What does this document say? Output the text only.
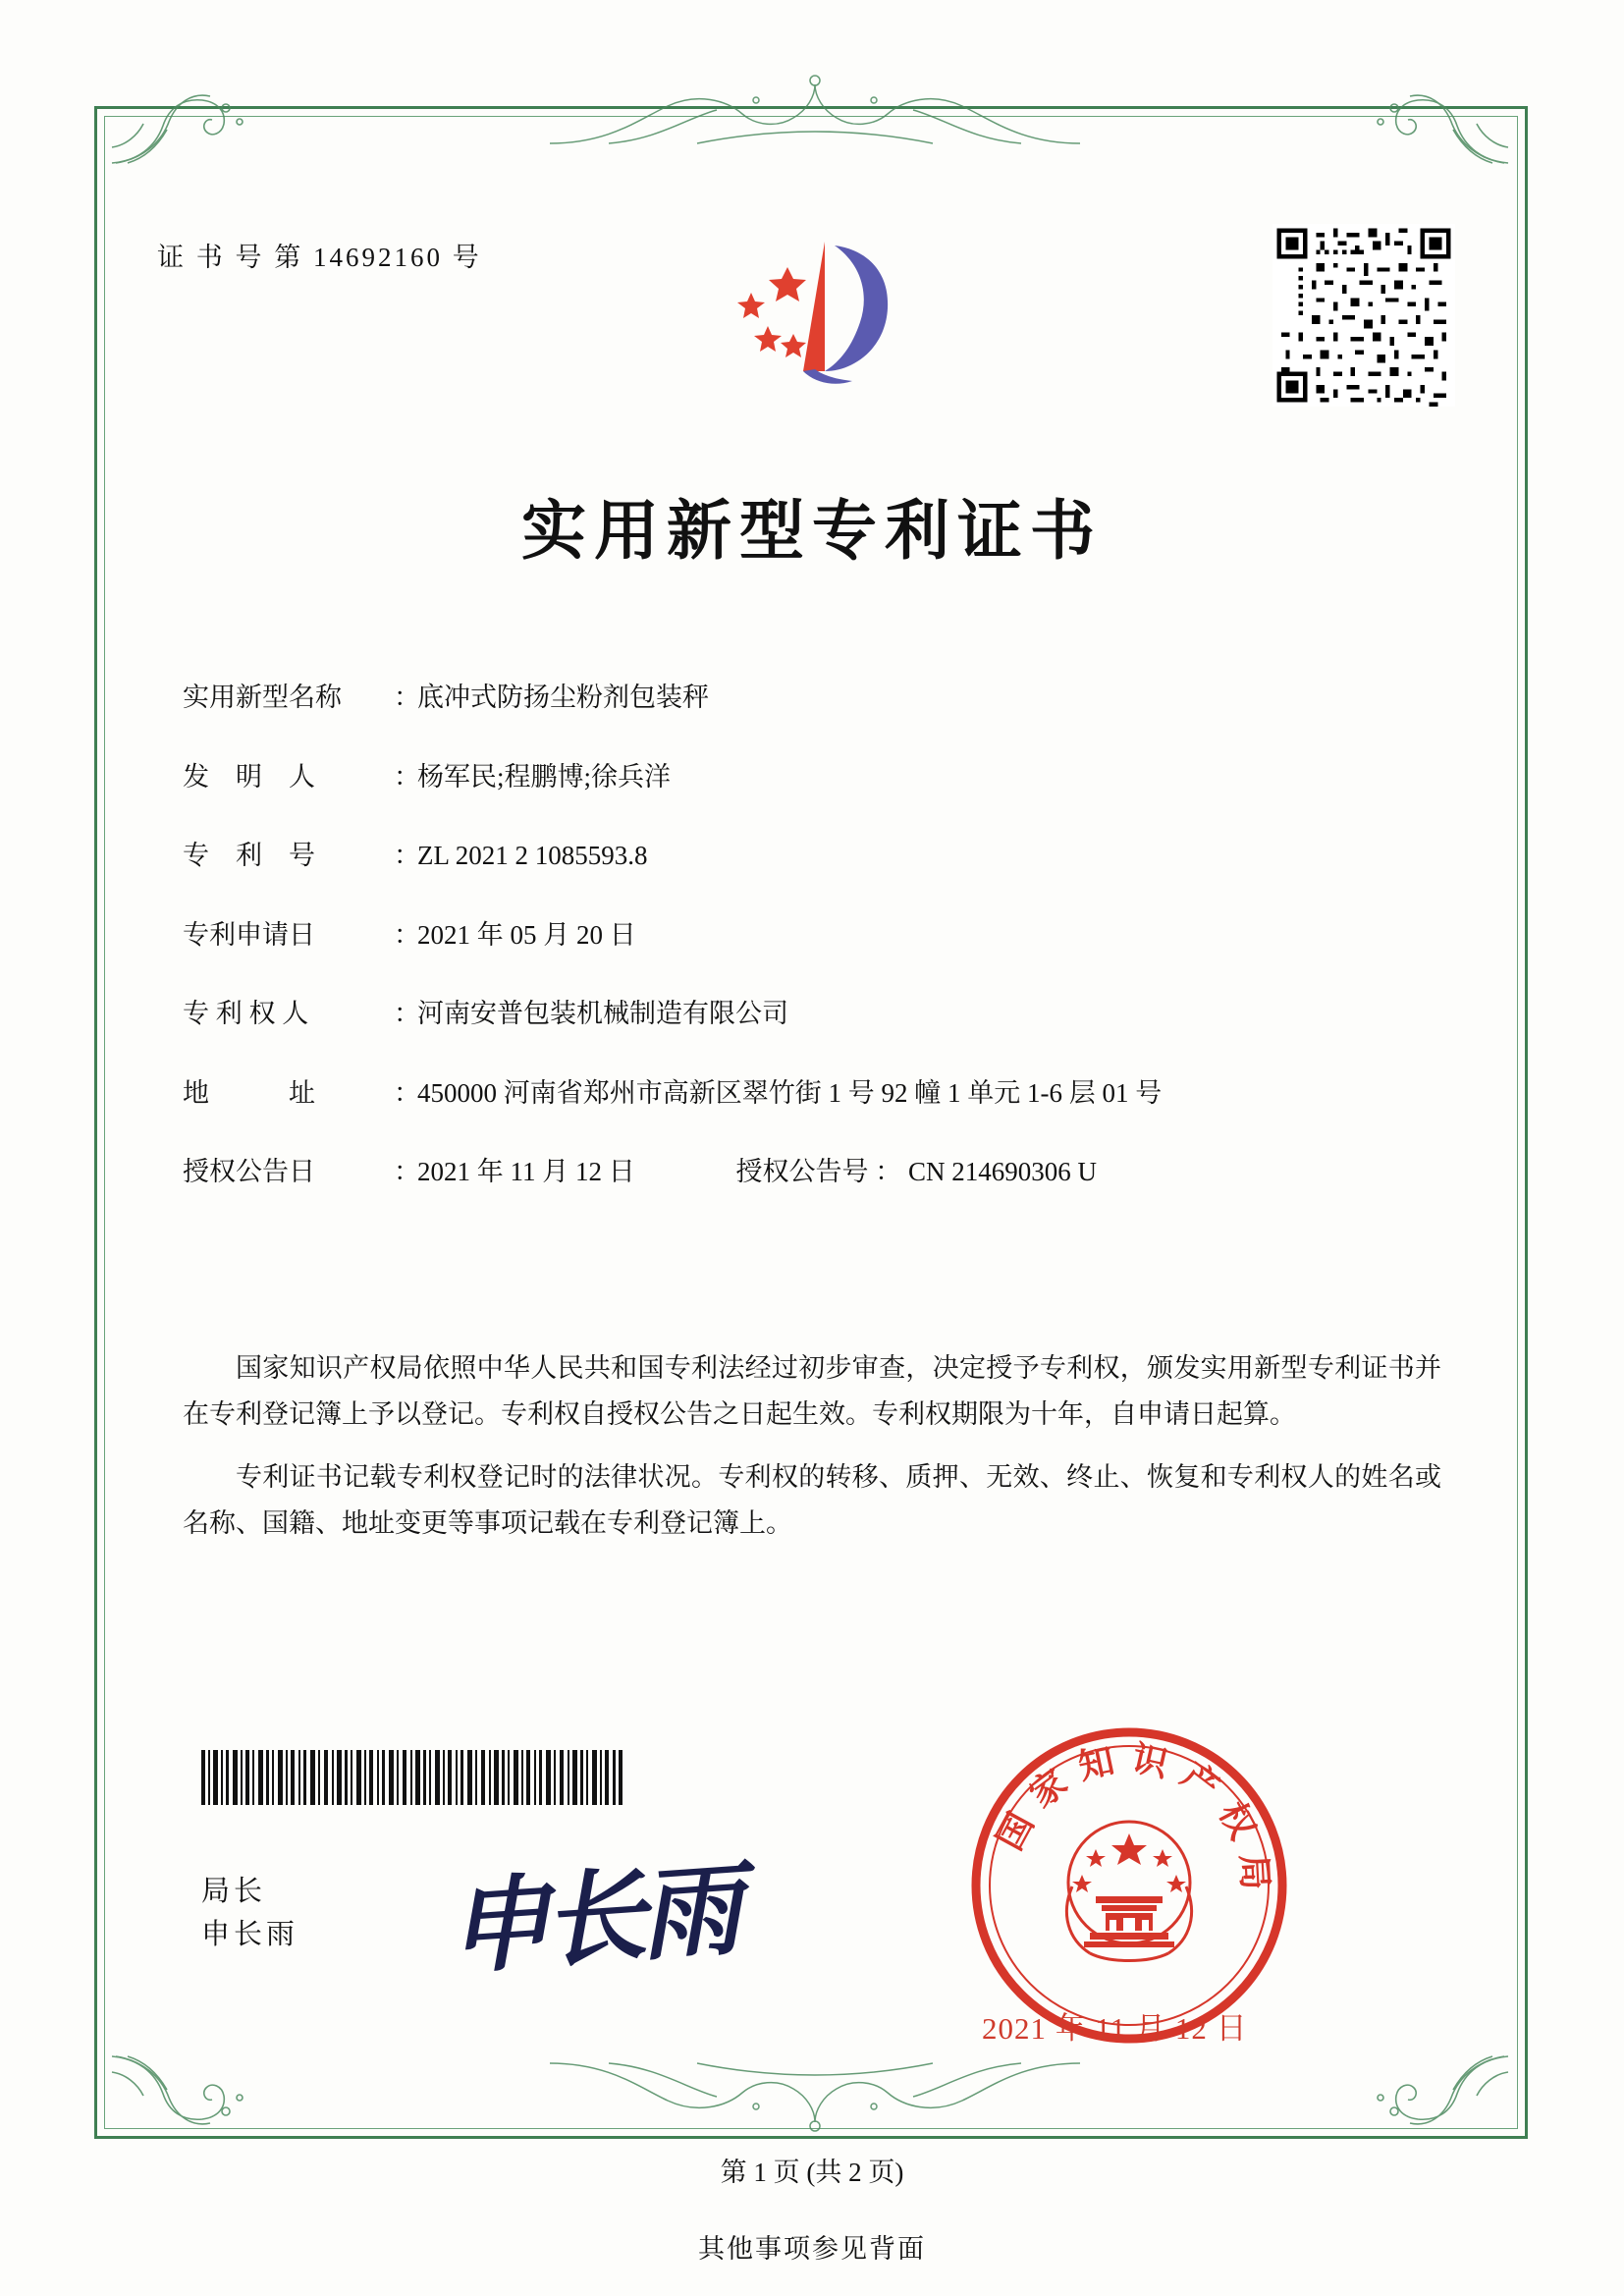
证 书 号 第 14692160 号
实用新型专利证书
实用新型名称	：
底冲式防扬尘粉剂包装秤
发　明　人	：
杨军民;程鹏博;徐兵洋
专　利　号	：
ZL 2021 2 1085593.8
专利申请日	：
2021 年 05 月 20 日
专 利 权 人	：
河南安普包装机械制造有限公司
地　　　址	：
450000 河南省郑州市高新区翠竹街 1 号 92 幢 1 单元 1-6 层 01 号
授权公告日	：
2021 年 11 月 12 日	授权公告号 ： CN 214690306 U

国家知识产权局依照中华人民共和国专利法经过初步审查，决定授予专利权，颁发实用新型专利证书并在专利登记簿上予以登记。专利权自授权公告之日起生效。专利权期限为十年，自申请日起算。

专利证书记载专利权登记时的法律状况。专利权的转移、质押、无效、终止、恢复和专利权人的姓名或名称、国籍、地址变更等事项记载在专利登记簿上。

局长
申长雨 申长雨
国家知识产权局
2021 年 11 月 12 日
第 1 页 (共 2 页)
其他事项参见背面
